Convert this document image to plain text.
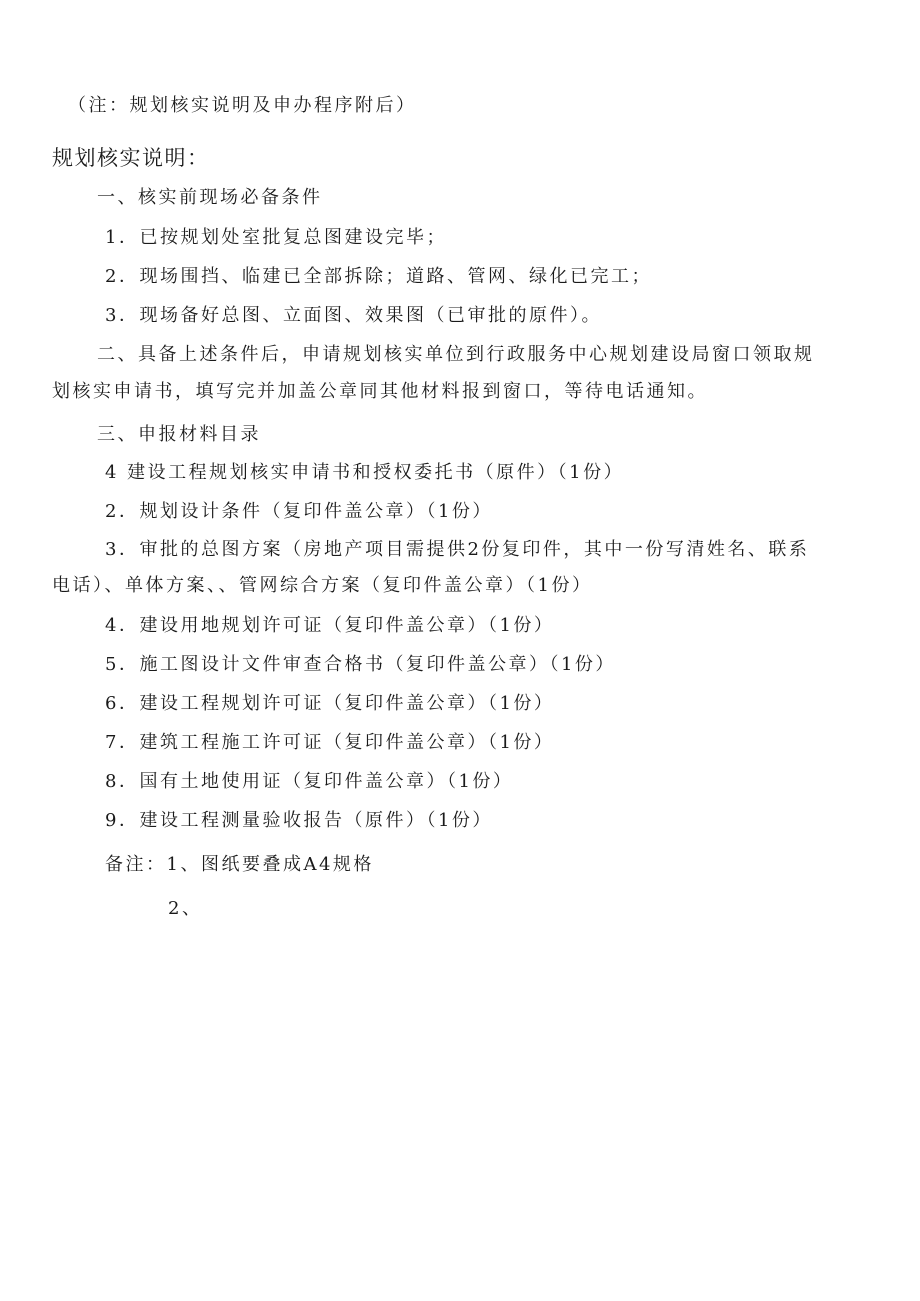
（注：规划核实说明及申办程序附后）
规划核实说明：
一、核实前现场必备条件
1．已按规划处室批复总图建设完毕；
2．现场围挡、临建已全部拆除；道路、管网、绿化已完工；
3．现场备好总图、立面图、效果图（已审批的原件）。
二、具备上述条件后，申请规划核实单位到行政服务中心规划建设局窗口领取规
划核实申请书，填写完并加盖公章同其他材料报到窗口，等待电话通知。
三、申报材料目录
4 建设工程规划核实申请书和授权委托书（原件）（1份）
2．规划设计条件（复印件盖公章）（1份）
3．审批的总图方案（房地产项目需提供2份复印件，其中一份写清姓名、联系
电话）、单体方案、、管网综合方案（复印件盖公章）（1份）
4．建设用地规划许可证（复印件盖公章）（1份）
5．施工图设计文件审查合格书（复印件盖公章）（1份）
6．建设工程规划许可证（复印件盖公章）（1份）
7．建筑工程施工许可证（复印件盖公章）（1份）
8．国有土地使用证（复印件盖公章）（1份）
9．建设工程测量验收报告（原件）（1份）
备注：1、图纸要叠成A4规格
2、
